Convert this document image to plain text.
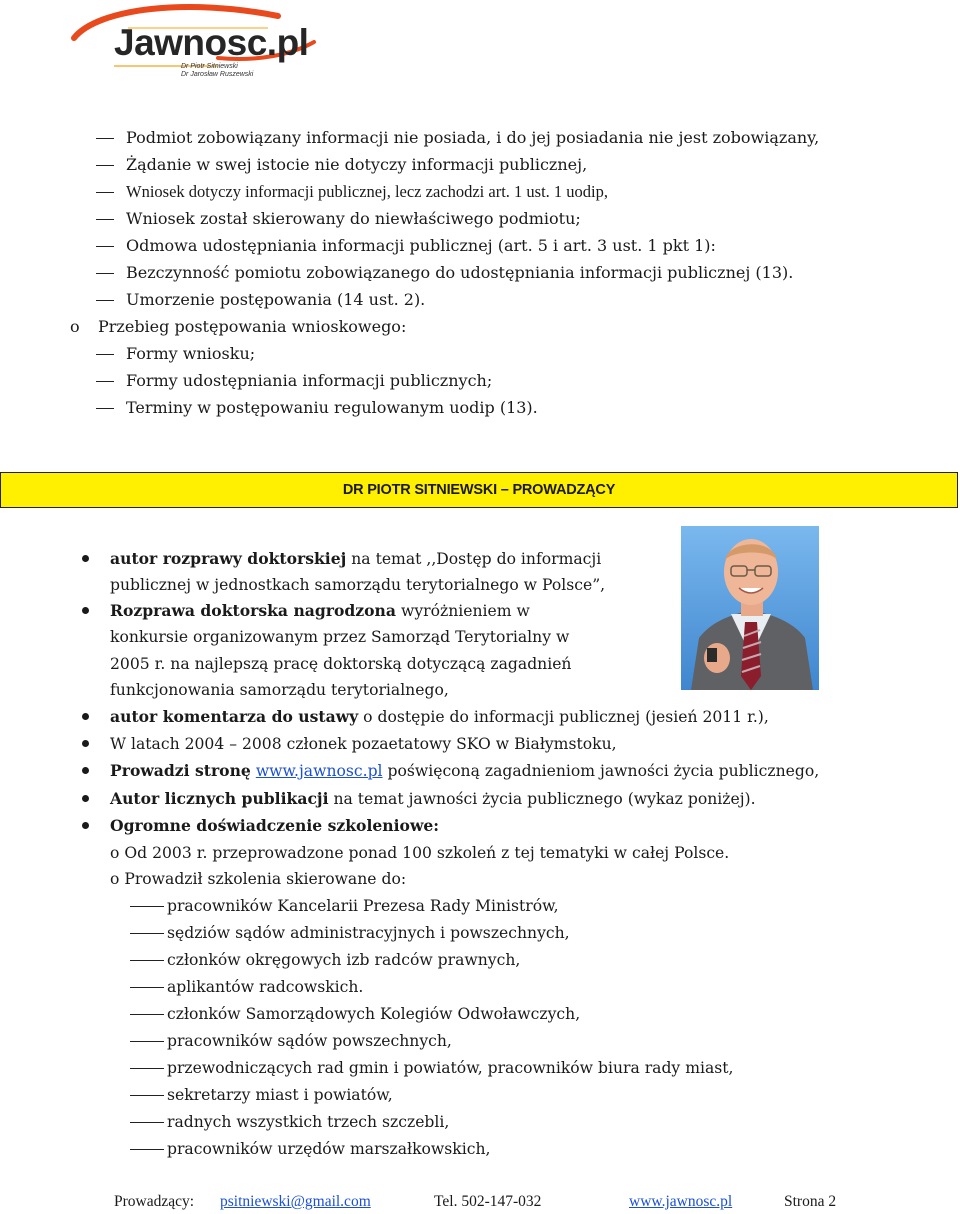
Jawnosc.pl
Dr Piotr Sitniewski
Dr Jarosław Ruszewski
Podmiot zobowiązany informacji nie posiada, i do jej posiadania nie jest zobowiązany,
Żądanie w swej istocie nie dotyczy informacji publicznej,
Wniosek dotyczy informacji publicznej, lecz zachodzi art. 1 ust. 1 uodip,
Wniosek został skierowany do niewłaściwego podmiotu;
Odmowa udostępniania informacji publicznej (art. 5 i art. 3 ust. 1 pkt 1):
Bezczynność pomiotu zobowiązanego do udostępniania informacji publicznej (13).
Umorzenie postępowania (14 ust. 2).
o Przebieg postępowania wnioskowego:
Formy wniosku;
Formy udostępniania informacji publicznych;
Terminy w postępowaniu regulowanym uodip (13).
DR PIOTR SITNIEWSKI – PROWADZĄCY
autor rozprawy doktorskiej na temat ,,Dostęp do informacji
publicznej w jednostkach samorządu terytorialnego w Polsce”,
Rozprawa doktorska nagrodzona wyróżnieniem w
konkursie organizowanym przez Samorząd Terytorialny w
2005 r. na najlepszą pracę doktorską dotyczącą zagadnień
funkcjonowania samorządu terytorialnego,
autor komentarza do ustawy o dostępie do informacji publicznej (jesień 2011 r.),
W latach 2004 – 2008 członek pozaetatowy SKO w Białymstoku,
Prowadzi stronę www.jawnosc.pl poświęconą zagadnieniom jawności życia publicznego,
Autor licznych publikacji na temat jawności życia publicznego (wykaz poniżej).
Ogromne doświadczenie szkoleniowe:
o Od 2003 r. przeprowadzone ponad 100 szkoleń z tej tematyki w całej Polsce.
o Prowadził szkolenia skierowane do:
pracowników Kancelarii Prezesa Rady Ministrów,
sędziów sądów administracyjnych i powszechnych,
członków okręgowych izb radców prawnych,
aplikantów radcowskich.
członków Samorządowych Kolegiów Odwoławczych,
pracowników sądów powszechnych,
przewodniczących rad gmin i powiatów, pracowników biura rady miast,
sekretarzy miast i powiatów,
radnych wszystkich trzech szczebli,
pracowników urzędów marszałkowskich,
Prowadzący: psitniewski@gmail.com	Tel. 502-147-032	www.jawnosc.pl	Strona 2
